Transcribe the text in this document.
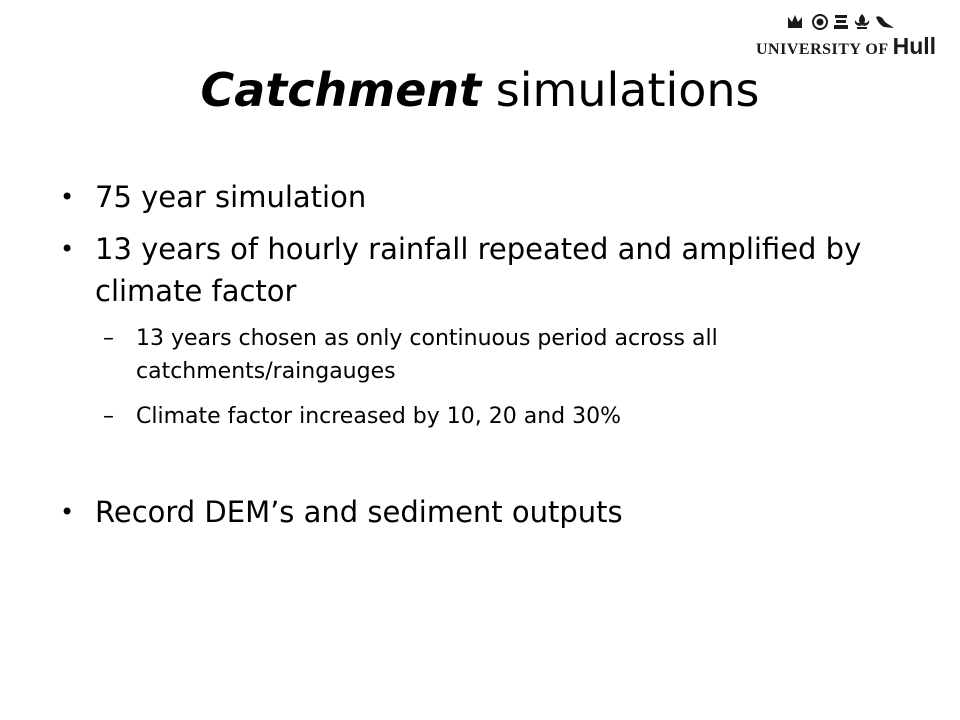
UNIVERSITY OF Hull
Catchment simulations
• 75 year simulation
• 13 years of hourly rainfall repeated and amplified by climate factor
– 13 years chosen as only continuous period across all catchments/raingauges
– Climate factor increased by 10, 20 and 30%
• Record DEM’s and sediment outputs
